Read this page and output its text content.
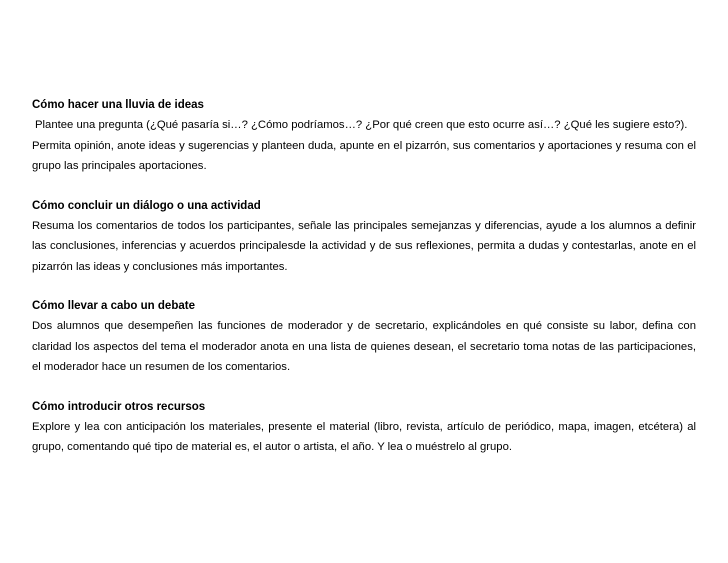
Cómo hacer una lluvia de ideas

Plantee una pregunta (¿Qué pasaría si…? ¿Cómo podríamos…? ¿Por qué creen que esto ocurre así…? ¿Qué les sugiere esto?).

Permita opinión, anote ideas y sugerencias y planteen duda, apunte en el pizarrón, sus comentarios y aportaciones y resuma con el grupo las principales aportaciones.

Cómo concluir un diálogo o una actividad

Resuma los comentarios de todos los participantes, señale las principales semejanzas y diferencias, ayude a los alumnos a definir las conclusiones, inferencias y acuerdos principalesde la actividad y de sus reflexiones, permita a dudas y contestarlas, anote en el pizarrón las ideas y conclusiones más importantes.

Cómo llevar a cabo un debate

Dos alumnos que desempeñen las funciones de moderador y de secretario, explicándoles en qué consiste su labor, defina con claridad los aspectos del tema el moderador anota en una lista de quienes desean, el secretario toma notas de las participaciones, el moderador hace un resumen de los comentarios.

Cómo introducir otros recursos

Explore y lea con anticipación los materiales, presente el material (libro, revista, artículo de periódico, mapa, imagen, etcétera) al grupo, comentando qué tipo de material es, el autor o artista, el año. Y lea o muéstrelo al grupo.
